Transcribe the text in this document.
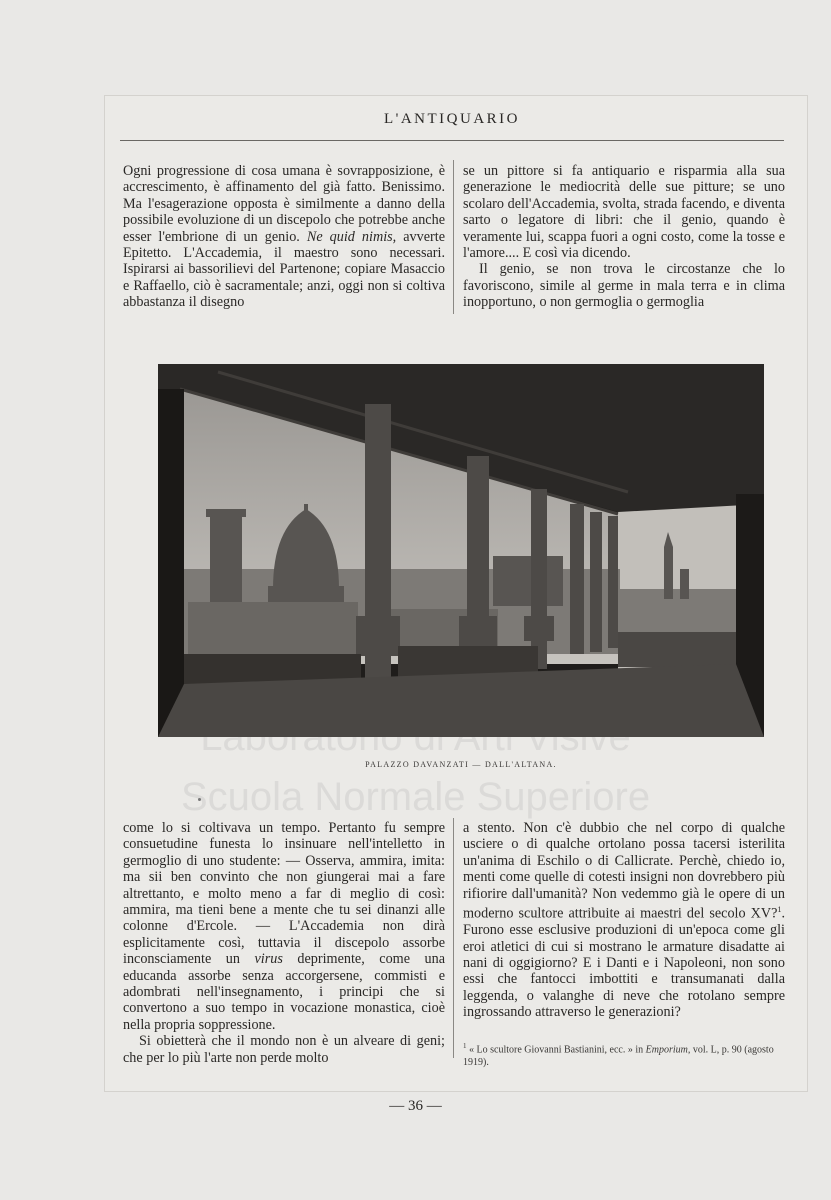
L'ANTIQUARIO

Ogni progressione di cosa umana è sovrapposizione, è accrescimento, è affinamento del già fatto. Benissimo. Ma l'esagerazione opposta è similmente a danno della possibile evoluzione di un discepolo che potrebbe anche esser l'embrione di un genio. Ne quid nimis, avverte Epitetto. L'Accademia, il maestro sono necessari. Ispirarsi ai bassorilievi del Partenone; copiare Masaccio e Raffaello, ciò è sacramentale; anzi, oggi non si coltiva abbastanza il disegno

se un pittore si fa antiquario e risparmia alla sua generazione le mediocrità delle sue pitture; se uno scolaro dell'Accademia, svolta, strada facendo, e diventa sarto o legatore di libri: che il genio, quando è veramente lui, scappa fuori a ogni costo, come la tosse e l'amore.... E così via dicendo.

Il genio, se non trova le circostanze che lo favoriscono, simile al germe in mala terra e in clima inopportuno, o non germoglia o germoglia

PALAZZO DAVANZATI — DALL'ALTANA.

come lo si coltivava un tempo. Pertanto fu sempre consuetudine funesta lo insinuare nell'intelletto in germoglio di uno studente: — Osserva, ammira, imita: ma sii ben convinto che non giungerai mai a fare altrettanto, e molto meno a far di meglio di così: ammira, ma tieni bene a mente che tu sei dinanzi alle colonne d'Ercole. — L'Accademia non dirà esplicitamente così, tuttavia il discepolo assorbe inconsciamente un virus deprimente, come una educanda assorbe senza accorgersene, commisti e adombrati nell'insegnamento, i principi che si convertono a suo tempo in vocazione monastica, cioè nella propria soppressione.

Si obietterà che il mondo non è un alveare di geni; che per lo più l'arte non perde molto

a stento. Non c'è dubbio che nel corpo di qualche usciere o di qualche ortolano possa tacersi isterilita un'anima di Eschilo o di Callicrate. Perchè, chiedo io, menti come quelle di cotesti insigni non dovrebbero più rifiorire dall'umanità? Non vedemmo già le opere di un moderno scultore attribuite ai maestri del secolo XV?$^1$. Furono esse esclusive produzioni di un'epoca come gli eroi atletici di cui si mostrano le armature disadatte ai nani di oggigiorno? E i Danti e i Napoleoni, non sono essi che fantocci imbottiti e transumanati dalla leggenda, o valanghe di neve che rotolano sempre ingrossando attraverso le generazioni?

$^1$ « Lo scultore Giovanni Bastianini, ecc. » in Emporium, vol. L, p. 90 (agosto 1919).
— 36 —
